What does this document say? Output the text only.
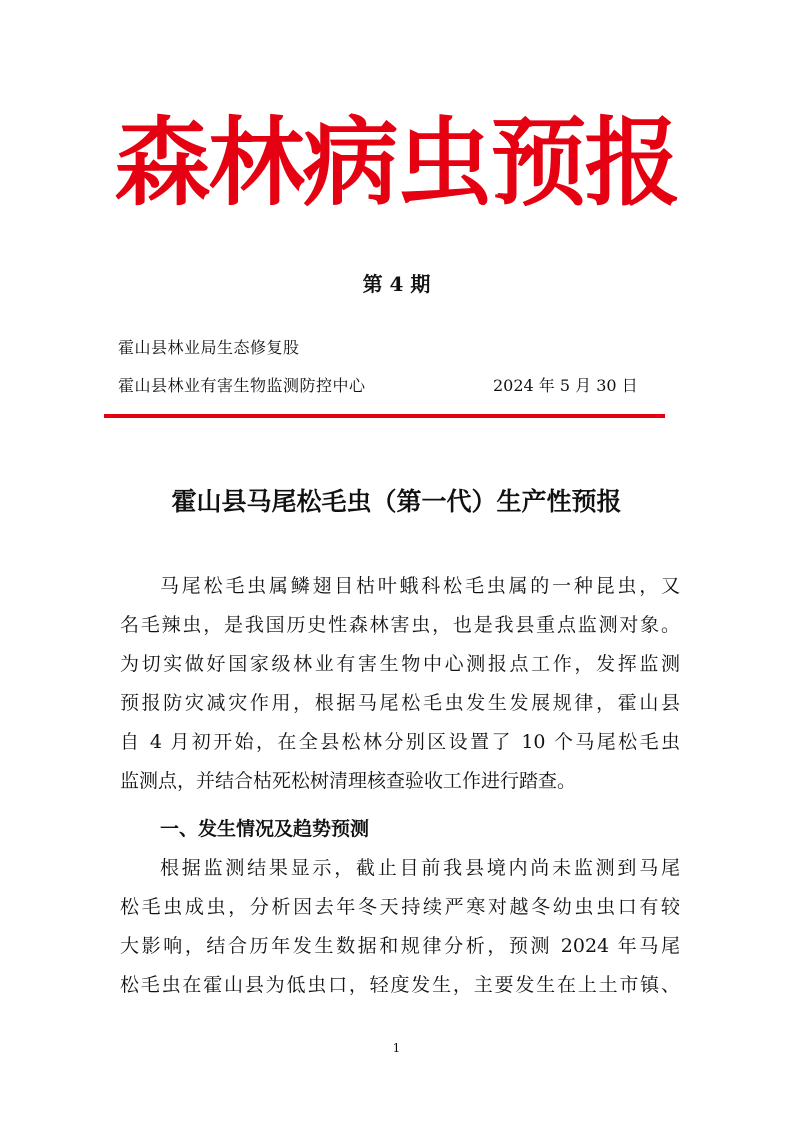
森林病虫预报
第 4 期
霍山县林业局生态修复股
霍山县林业有害生物监测防控中心	2024 年 5 月 30 日
霍山县马尾松毛虫（第一代）生产性预报
马尾松毛虫属鳞翅目枯叶蛾科松毛虫属的一种昆虫，又
名毛辣虫，是我国历史性森林害虫，也是我县重点监测对象。
为切实做好国家级林业有害生物中心测报点工作，发挥监测
预报防灾减灾作用，根据马尾松毛虫发生发展规律，霍山县
自 4 月初开始，在全县松林分别区设置了 10 个马尾松毛虫
监测点，并结合枯死松树清理核查验收工作进行踏查。
一、发生情况及趋势预测
根据监测结果显示，截止目前我县境内尚未监测到马尾
松毛虫成虫，分析因去年冬天持续严寒对越冬幼虫虫口有较
大影响，结合历年发生数据和规律分析，预测 2024 年马尾
松毛虫在霍山县为低虫口，轻度发生，主要发生在上土市镇、
1
